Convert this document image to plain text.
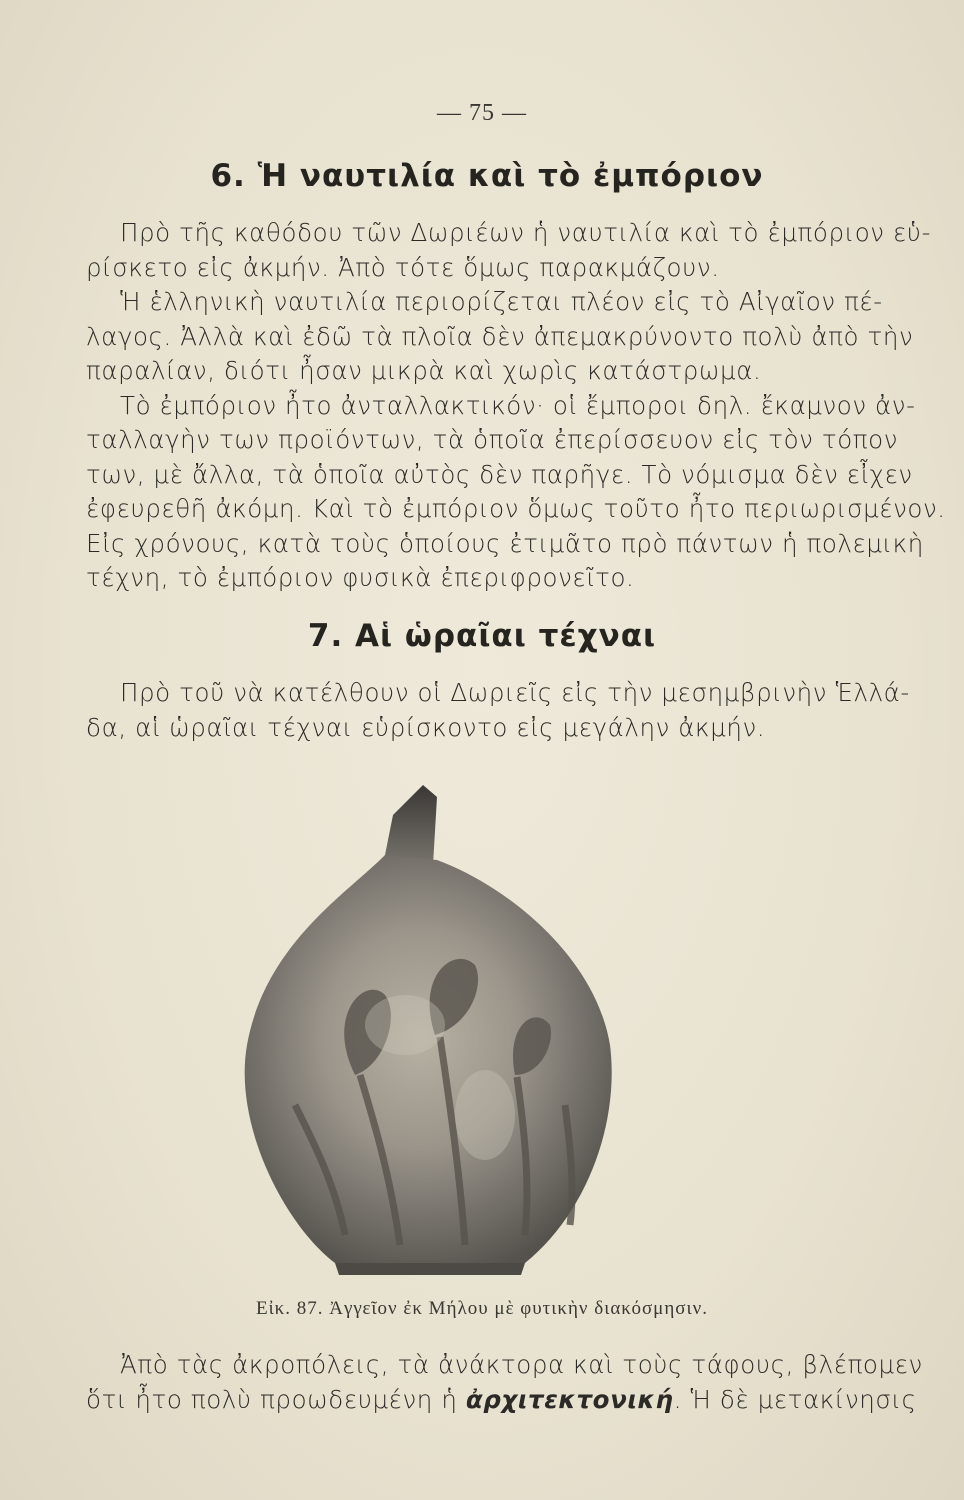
— 75 —
6. Ἡ ναυτιλία καὶ τὸ ἐμπόριον
Πρὸ τῆς καθόδου τῶν Δωριέων ἡ ναυτιλία καὶ τὸ ἐμπόριον εὑ-
ρίσκετο εἰς ἀκμήν. Ἀπὸ τότε ὅμως παρακμάζουν.
Ἡ ἑλληνικὴ ναυτιλία περιορίζεται πλέον εἰς τὸ Αἰγαῖον πέ-
λαγος. Ἀλλὰ καὶ ἐδῶ τὰ πλοῖα δὲν ἀπεμακρύνοντο πολὺ ἀπὸ τὴν
παραλίαν, διότι ἦσαν μικρὰ καὶ χωρὶς κατάστρωμα.
Τὸ ἐμπόριον ἦτο ἀνταλλακτικόν· οἱ ἔμποροι δηλ. ἔκαμνον ἀν-
ταλλαγὴν των προϊόντων, τὰ ὁποῖα ἐπερίσσευον εἰς τὸν τόπον
των, μὲ ἄλλα, τὰ ὁποῖα αὐτὸς δὲν παρῆγε. Τὸ νόμισμα δὲν εἶχεν
ἐφευρεθῆ ἀκόμη. Καὶ τὸ ἐμπόριον ὅμως τοῦτο ἦτο περιωρισμένον.
Εἰς χρόνους, κατὰ τοὺς ὁποίους ἐτιμᾶτο πρὸ πάντων ἡ πολεμικὴ
τέχνη, τὸ ἐμπόριον φυσικὰ ἐπεριφρονεῖτο.
7. Αἱ ὡραῖαι τέχναι
Πρὸ τοῦ νὰ κατέλθουν οἱ Δωριεῖς εἰς τὴν μεσημβρινὴν Ἑλλά-
δα, αἱ ὡραῖαι τέχναι εὑρίσκοντο εἰς μεγάλην ἀκμήν.
Εἰκ. 87. Ἀγγεῖον ἐκ Μήλου μὲ φυτικὴν διακόσμησιν.
Ἀπὸ τὰς ἀκροπόλεις, τὰ ἀνάκτορα καὶ τοὺς τάφους, βλέπομεν
ὅτι ἦτο πολὺ προωδευμένη ἡ ἀρχιτεκτονική. Ἡ δὲ μετακίνησις
